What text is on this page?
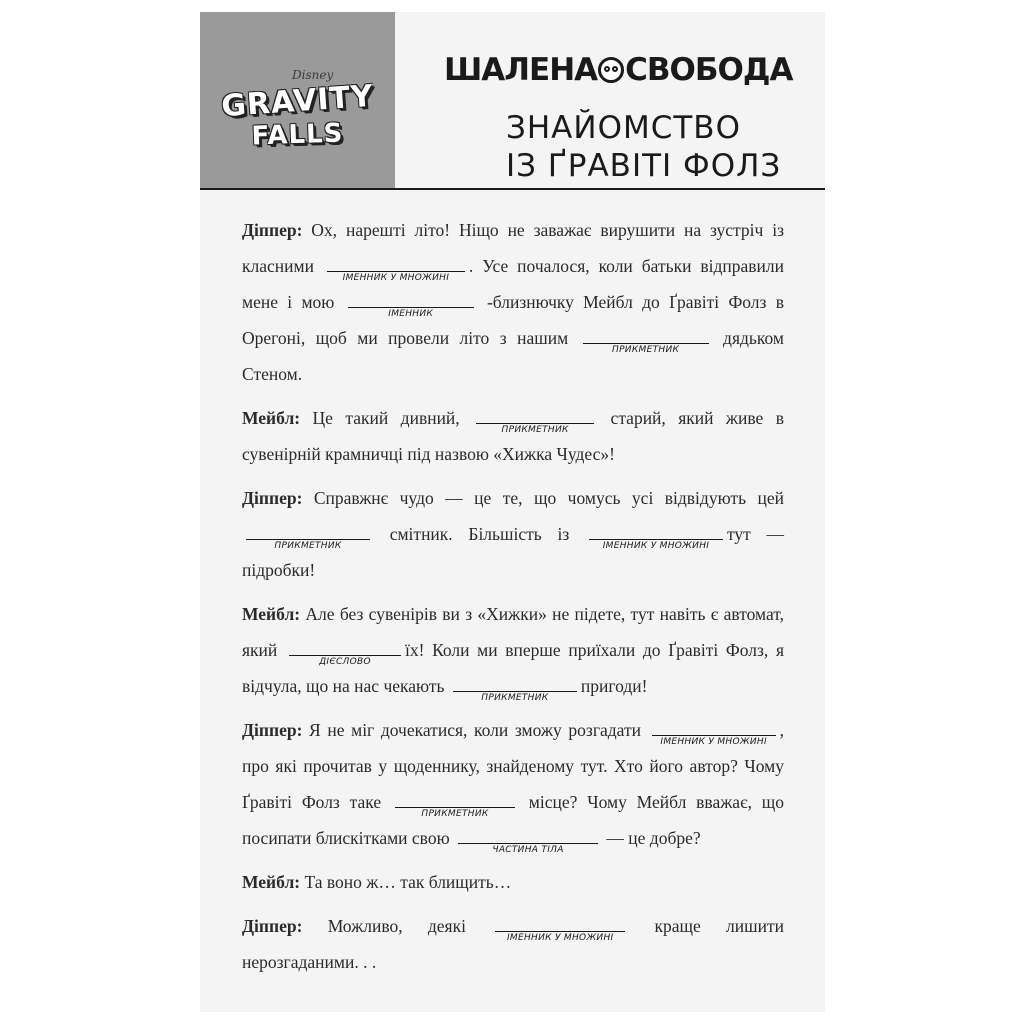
Disney
GRAVITY
FALLS
ШАЛЕНА СВОБОДА
ЗНАЙОМСТВО
ІЗ ҐРАВІТІ ФОЛЗ

Діппер: Ох, нарешті літо! Ніщо не заважає вирушити на зустріч із класними
ІМЕННИК У МНОЖИНІ
. Усе почалося, коли батьки відправили мене і мою
ІМЕННИК
-близнючку Мейбл до Ґравіті Фолз в Орегоні, щоб ми провели літо з нашим
ПРИКМЕТНИК
дядьком Стеном.

Мейбл: Це такий дивний,
ПРИКМЕТНИК
старий, який живе в сувенірній крамничці під назвою «Хижка Чудес»!

Діппер: Справжнє чудо — це те, що чомусь усі відвідують цей
ПРИКМЕТНИК
смітник. Більшість із
ІМЕННИК У МНОЖИНІ
тут — підробки!

Мейбл: Але без сувенірів ви з «Хижки» не підете, тут навіть є автомат, який
ДІЄСЛОВО
їх! Коли ми вперше приїхали до Ґравіті Фолз, я відчула, що на нас чекають
ПРИКМЕТНИК
пригоди!

Діппер: Я не міг дочекатися, коли зможу розгадати
ІМЕННИК У МНОЖИНІ
, про які прочитав у щоденнику, знайденому тут. Хто його автор? Чому Ґравіті Фолз таке
ПРИКМЕТНИК
місце? Чому Мейбл вважає, що посипати блискітками свою
ЧАСТИНА ТІЛА
— це добре?

Мейбл: Та воно ж… так блищить…

Діппер: Можливо, деякі
ІМЕННИК У МНОЖИНІ
краще лишити нерозгаданими. . .
